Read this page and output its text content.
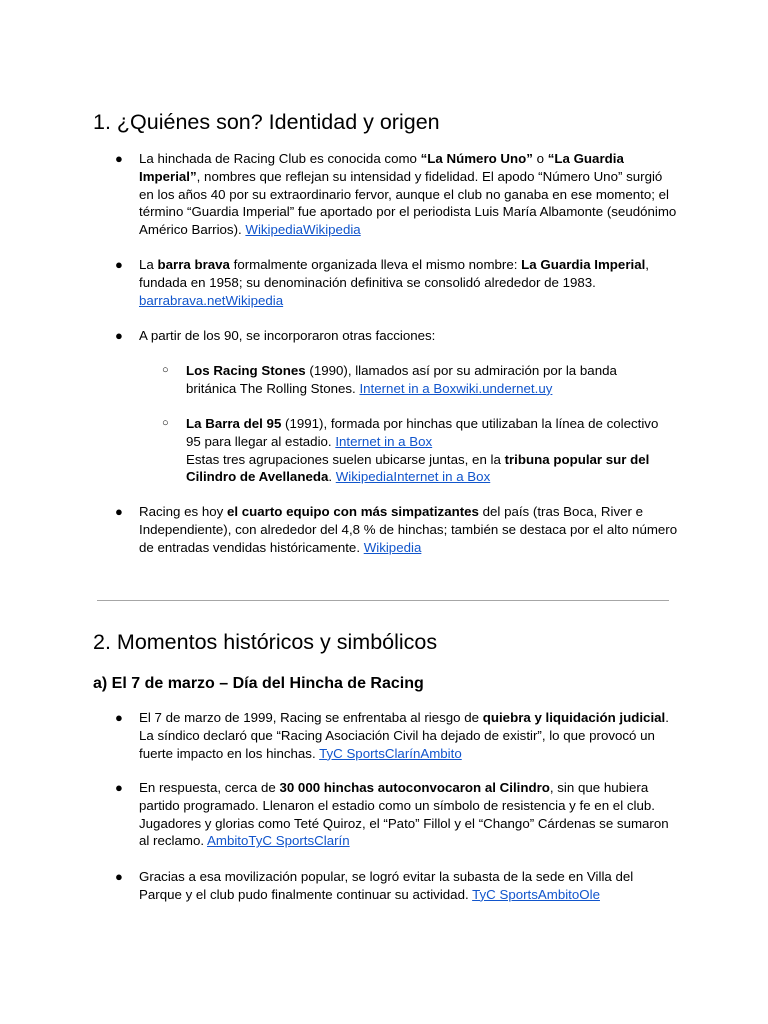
1. ¿Quiénes son? Identidad y origen
● La hinchada de Racing Club es conocida como “La Número Uno” o “La Guardia Imperial”, nombres que reflejan su intensidad y fidelidad. El apodo “Número Uno” surgió en los años 40 por su extraordinario fervor, aunque el club no ganaba en ese momento; el término “Guardia Imperial” fue aportado por el periodista Luis María Albamonte (seudónimo Américo Barrios). WikipediaWikipedia
● La barra brava formalmente organizada lleva el mismo nombre: La Guardia Imperial, fundada en 1958; su denominación definitiva se consolidó alrededor de 1983. barrabrava.netWikipedia
● A partir de los 90, se incorporaron otras facciones:
○ Los Racing Stones (1990), llamados así por su admiración por la banda británica The Rolling Stones. Internet in a Boxwiki.undernet.uy
○ La Barra del 95 (1991), formada por hinchas que utilizaban la línea de colectivo 95 para llegar al estadio. Internet in a Box
Estas tres agrupaciones suelen ubicarse juntas, en la tribuna popular sur del Cilindro de Avellaneda. WikipediaInternet in a Box
● Racing es hoy el cuarto equipo con más simpatizantes del país (tras Boca, River e Independiente), con alrededor del 4,8 % de hinchas; también se destaca por el alto número de entradas vendidas históricamente. Wikipedia
2. Momentos históricos y simbólicos
a) El 7 de marzo – Día del Hincha de Racing
● El 7 de marzo de 1999, Racing se enfrentaba al riesgo de quiebra y liquidación judicial. La síndico declaró que “Racing Asociación Civil ha dejado de existir”, lo que provocó un fuerte impacto en los hinchas. TyC SportsClarínAmbito
● En respuesta, cerca de 30 000 hinchas autoconvocaron al Cilindro, sin que hubiera partido programado. Llenaron el estadio como un símbolo de resistencia y fe en el club. Jugadores y glorias como Teté Quiroz, el “Pato” Fillol y el “Chango” Cárdenas se sumaron al reclamo. AmbitoTyC SportsClarín
● Gracias a esa movilización popular, se logró evitar la subasta de la sede en Villa del Parque y el club pudo finalmente continuar su actividad. TyC SportsAmbitoOle
